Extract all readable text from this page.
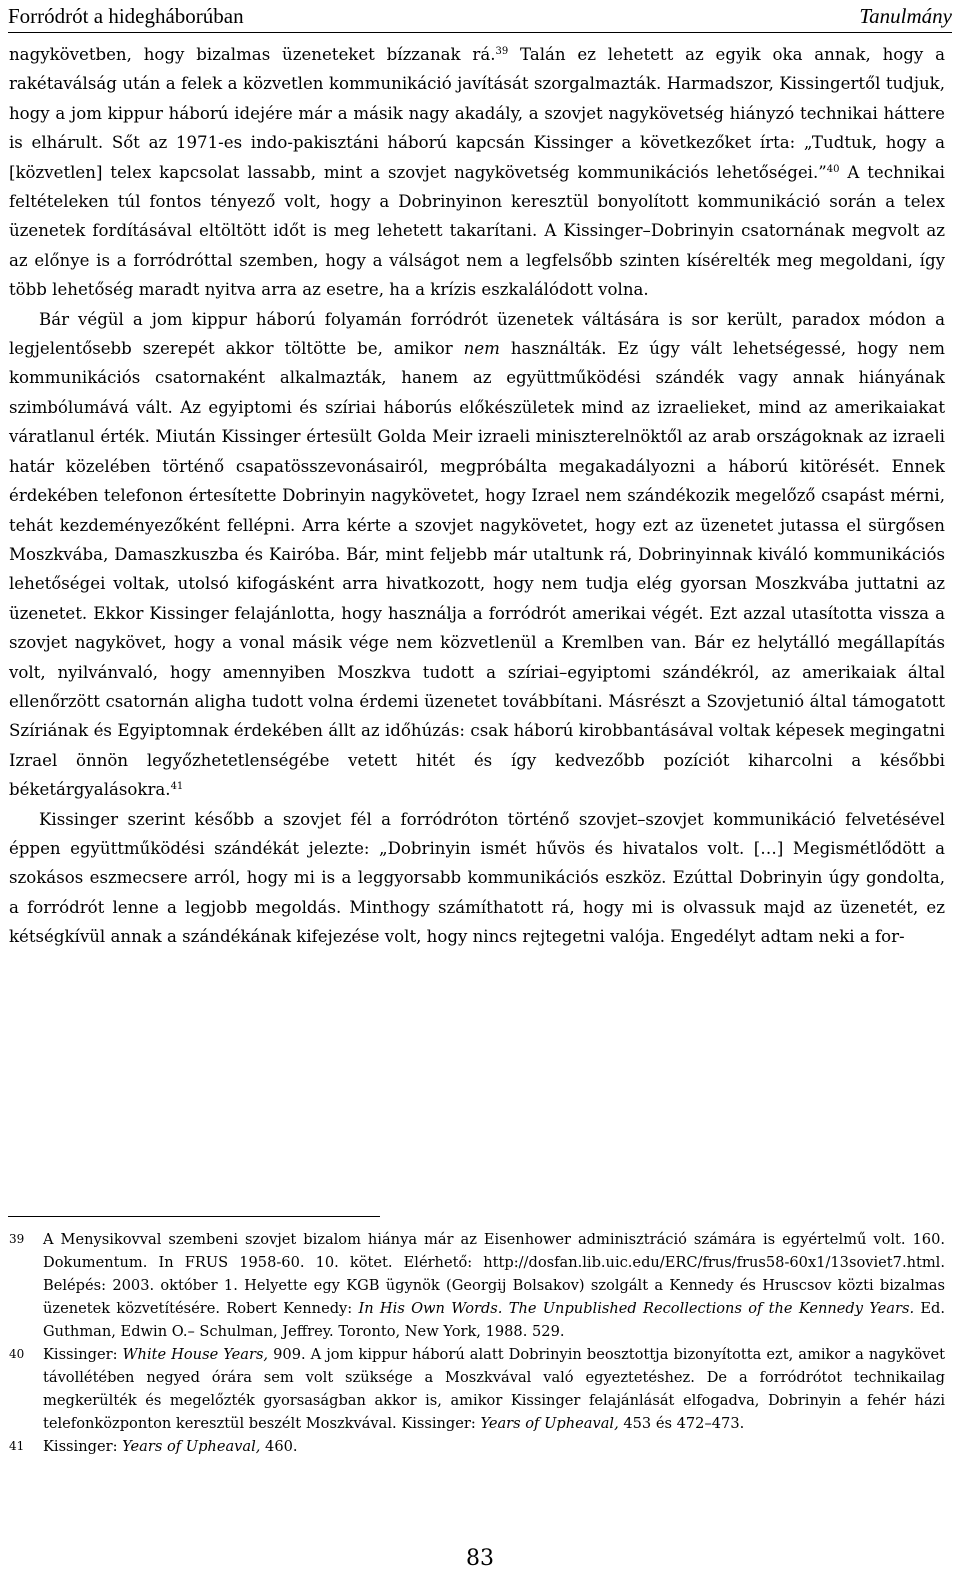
Forródrót a hidegháborúban	Tanulmány

nagykövetben, hogy bizalmas üzeneteket bízzanak rá.$^{39}$ Talán ez lehetett az egyik oka annak, hogy a rakétaválság után a felek a közvetlen kommunikáció javítását szorgalmazták. Harmadszor, Kissingertől tudjuk, hogy a jom kippur háború idejére már a másik nagy akadály, a szovjet nagykövetség hiányzó technikai háttere is elhárult. Sőt az 1971-es indo-pakisztáni háború kapcsán Kissinger a következőket írta: „Tudtuk, hogy a [közvetlen] telex kapcsolat lassabb, mint a szovjet nagykövetség kommunikációs lehetőségei.”$^{40}$ A technikai feltételeken túl fontos tényező volt, hogy a Dobrinyinon keresztül bonyolított kommunikáció során a telex üzenetek fordításával eltöltött időt is meg lehetett takarítani. A Kissinger–Dobrinyin csatornának megvolt az az előnye is a forródróttal szemben, hogy a válságot nem a legfelsőbb szinten kísérelték meg megoldani, így több lehetőség maradt nyitva arra az esetre, ha a krízis eszkalálódott volna.

Bár végül a jom kippur háború folyamán forródrót üzenetek váltására is sor került, paradox módon a legjelentősebb szerepét akkor töltötte be, amikor nem használták. Ez úgy vált lehetségessé, hogy nem kommunikációs csatornaként alkalmazták, hanem az együttműködési szándék vagy annak hiányának szimbólumává vált. Az egyiptomi és szíriai háborús előkészületek mind az izraelieket, mind az amerikaiakat váratlanul érték. Miután Kissinger értesült Golda Meir izraeli miniszterelnöktől az arab országoknak az izraeli határ közelében történő csapatösszevonásairól, megpróbálta megakadályozni a háború kitörését. Ennek érdekében telefonon értesítette Dobrinyin nagykövetet, hogy Izrael nem szándékozik megelőző csapást mérni, tehát kezdeményezőként fellépni. Arra kérte a szovjet nagykövetet, hogy ezt az üzenetet jutassa el sürgősen Moszkvába, Damaszkuszba és Kairóba. Bár, mint feljebb már utaltunk rá, Dobrinyinnak kiváló kommunikációs lehetőségei voltak, utolsó kifogásként arra hivatkozott, hogy nem tudja elég gyorsan Moszkvába juttatni az üzenetet. Ekkor Kissinger felajánlotta, hogy használja a forródrót amerikai végét. Ezt azzal utasította vissza a szovjet nagykövet, hogy a vonal másik vége nem közvetlenül a Kremlben van. Bár ez helytálló megállapítás volt, nyilvánvaló, hogy amennyiben Moszkva tudott a szíriai–egyiptomi szándékról, az amerikaiak által ellenőrzött csatornán aligha tudott volna érdemi üzenetet továbbítani. Másrészt a Szovjetunió által támogatott Szíriának és Egyiptomnak érdekében állt az időhúzás: csak háború kirobbantásával voltak képesek megingatni Izrael önnön legyőzhetetlenségébe vetett hitét és így kedvezőbb pozíciót kiharcolni a későbbi béketárgyalásokra.$^{41}$

Kissinger szerint később a szovjet fél a forródróton történő szovjet–szovjet kommunikáció felvetésével éppen együttműködési szándékát jelezte: „Dobrinyin ismét hűvös és hivatalos volt. […] Megismétlődött a szokásos eszmecsere arról, hogy mi is a leggyorsabb kommunikációs eszköz. Ezúttal Dobrinyin úgy gondolta, a forródrót lenne a legjobb megoldás. Minthogy számíthatott rá, hogy mi is olvassuk majd az üzenetét, ez kétségkívül annak a szándékának kifejezése volt, hogy nincs rejtegetni valója. Engedélyt adtam neki a for-

39	A Menysikovval szembeni szovjet bizalom hiánya már az Eisenhower adminisztráció számára is egyértelmű volt. 160. Dokumentum. In FRUS 1958-60. 10. kötet. Elérhető: http://dosfan.lib.uic.edu/ERC/frus/frus58-60x1/13soviet7.html. Belépés: 2003. október 1. Helyette egy KGB ügynök (Georgij Bolsakov) szolgált a Kennedy és Hruscsov közti bizalmas üzenetek közvetítésére. Robert Kennedy: In His Own Words. The Unpublished Recollections of the Kennedy Years. Ed. Guthman, Edwin O.– Schulman, Jeffrey. Toronto, New York, 1988. 529.
40	Kissinger: White House Years, 909. A jom kippur háború alatt Dobrinyin beosztottja bizonyította ezt, amikor a nagykövet távollétében negyed órára sem volt szüksége a Moszkvával való egyeztetéshez. De a forródrótot technikailag megkerülték és megelőzték gyorsaságban akkor is, amikor Kissinger felajánlását elfogadva, Dobrinyin a fehér házi telefonközponton keresztül beszélt Moszkvával. Kissinger: Years of Upheaval, 453 és 472–473.
41	Kissinger: Years of Upheaval, 460.
83
